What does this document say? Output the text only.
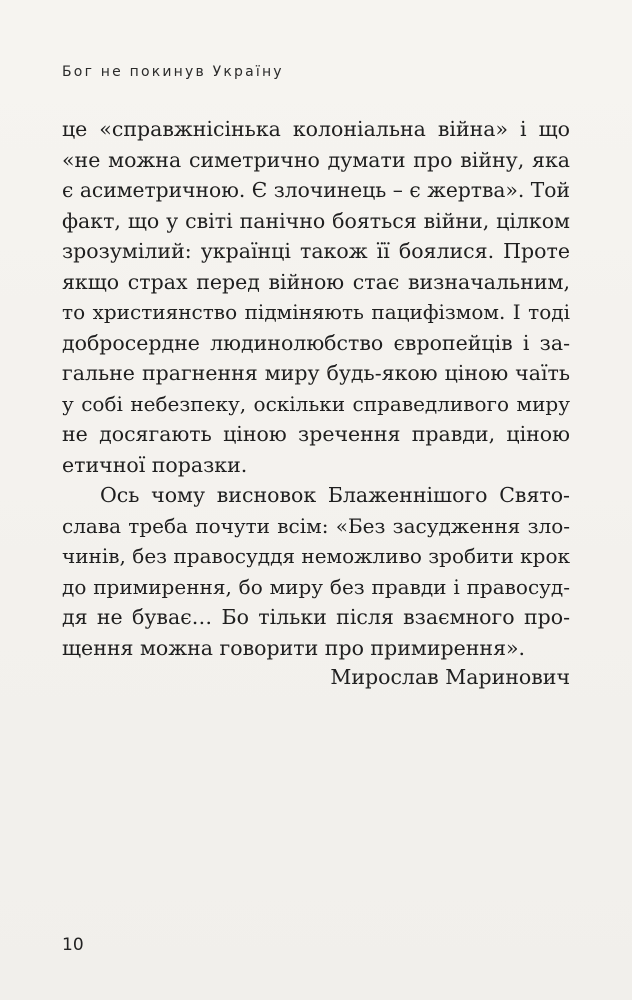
Бог не покинув Україну
це «справжнісінька колоніальна війна» і що
«не можна симетрично думати про війну, яка
є асиметричною. Є злочинець – є жертва». Той
факт, що у світі панічно бояться війни, цілком
зрозумілий: українці також її боялися. Проте
якщо страх перед війною стає визначальним,
то християнство підміняють пацифізмом. І тоді
добросердне людинолюбство європейців і за-
гальне прагнення миру будь-якою ціною чаїть
у собі небезпеку, оскільки справедливого миру
не досягають ціною зречення правди, ціною
етичної поразки.
Ось чому висновок Блаженнішого Свято-
слава треба почути всім: «Без засудження зло-
чинів, без правосуддя неможливо зробити крок
до примирення, бо миру без правди і правосуд-
дя не буває… Бо тільки після взаємного про-
щення можна говорити про примирення».
Мирослав Маринович
10
